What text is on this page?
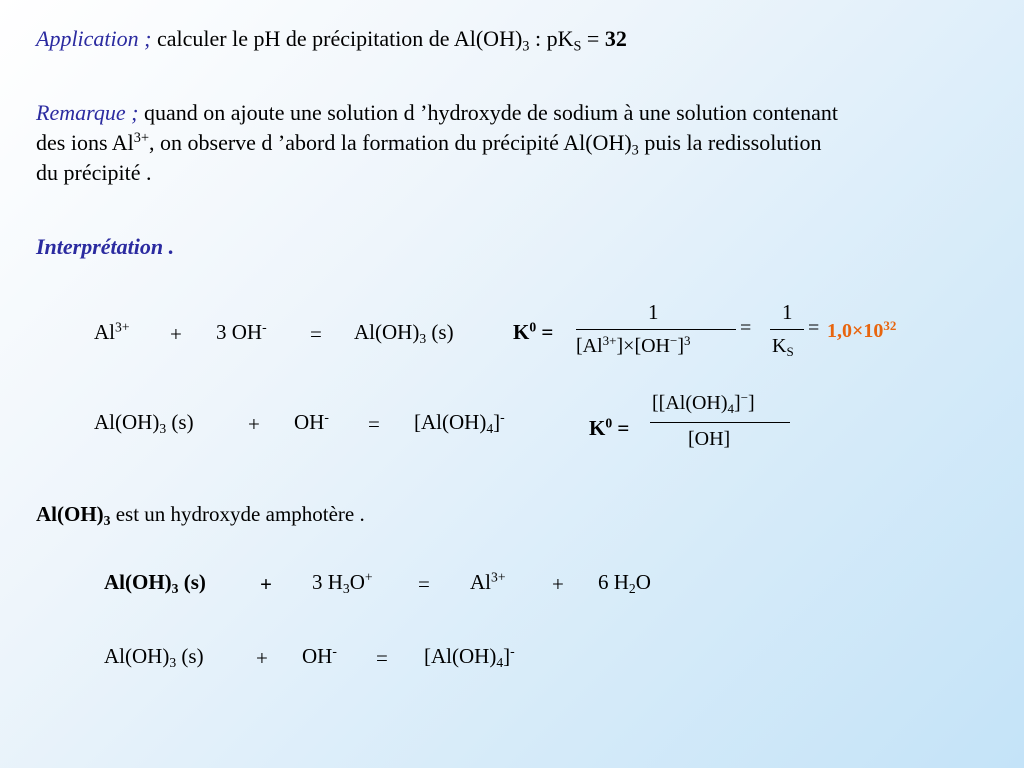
Application ; calculer le pH de précipitation de $Al(OH)_3$ : $pK_S = 32$
Remarque ; quand on ajoute une solution d ’hydroxyde de sodium à une solution contenant
des ions $Al^{3+}$, on observe d ’abord la formation du précipité $Al(OH)_3$ puis la redissolution
du précipité .
Interprétation .
$Al^{3+} + 3$ $OH^- = Al(OH)_3$ (s)	$K^0$ =
1
$[Al^{3+}]\times[OH^-]^3$
=
1
$K_S$
= $1,0\times 10^{32}$
$Al(OH)_3$ (s)	+ $OH^- = [Al(OH)_4]^-$	$K^0$ =
$[[Al(OH)_4]^-]$
[OH]
$Al(OH)_3$ est un hydroxyde amphotère .
$Al(OH)_3$ (s)	+ 3 $H_3O^+ = Al^{3+} + 6$ $H_2O$
$Al(OH)_3$ $(s) + OH^- = [Al(OH)_4]^-$
